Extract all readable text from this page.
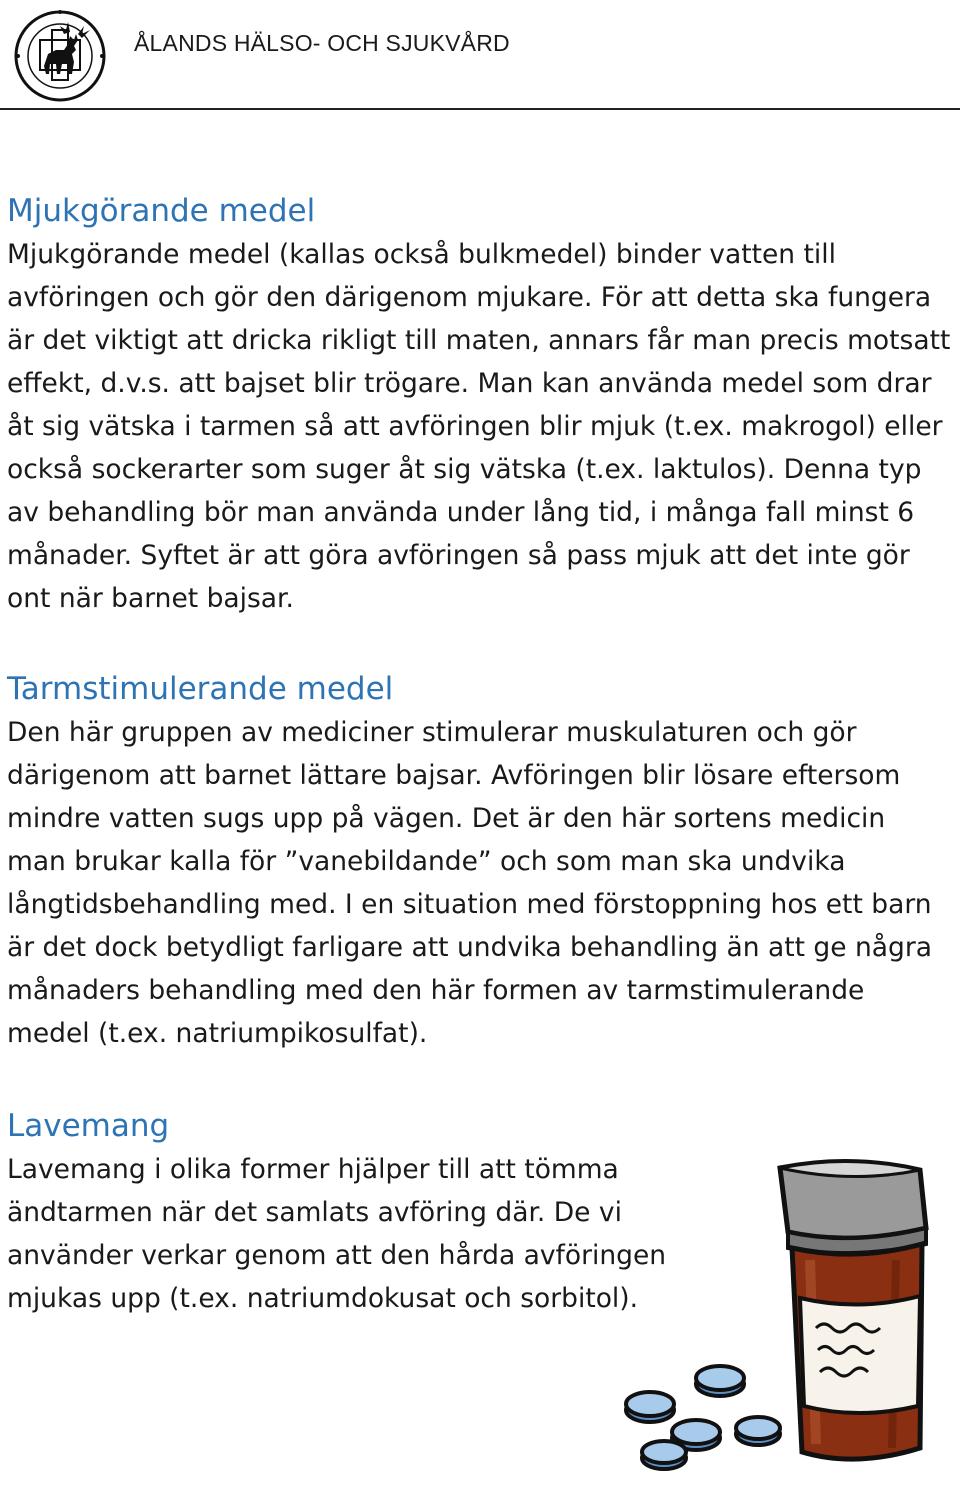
ÅLANDS HÄLSO- OCH SJUKVÅRD
Mjukgörande medel

Mjukgörande medel (kallas också bulkmedel) binder vatten till avföringen och gör den därigenom mjukare. För att detta ska fungera är det viktigt att dricka rikligt till maten, annars får man precis motsatt effekt, d.v.s. att bajset blir trögare. Man kan använda medel som drar åt sig vätska i tarmen så att avföringen blir mjuk (t.ex. makrogol) eller också sockerarter som suger åt sig vätska (t.ex. laktulos). Denna typ av behandling bör man använda under lång tid, i många fall minst 6 månader. Syftet är att göra avföringen så pass mjuk att det inte gör ont när barnet bajsar.

Tarmstimulerande medel

Den här gruppen av mediciner stimulerar muskulaturen och gör därigenom att barnet lättare bajsar. Avföringen blir lösare eftersom mindre vatten sugs upp på vägen. Det är den här sortens medicin man brukar kalla för ”vanebildande” och som man ska undvika långtidsbehandling med. I en situation med förstoppning hos ett barn är det dock betydligt farligare att undvika behandling än att ge några månaders behandling med den här formen av tarmstimulerande medel (t.ex. natriumpikosulfat).

Lavemang

Lavemang i olika former hjälper till att tömma ändtarmen när det samlats avföring där. De vi använder verkar genom att den hårda avföringen mjukas upp (t.ex. natriumdokusat och sorbitol).
